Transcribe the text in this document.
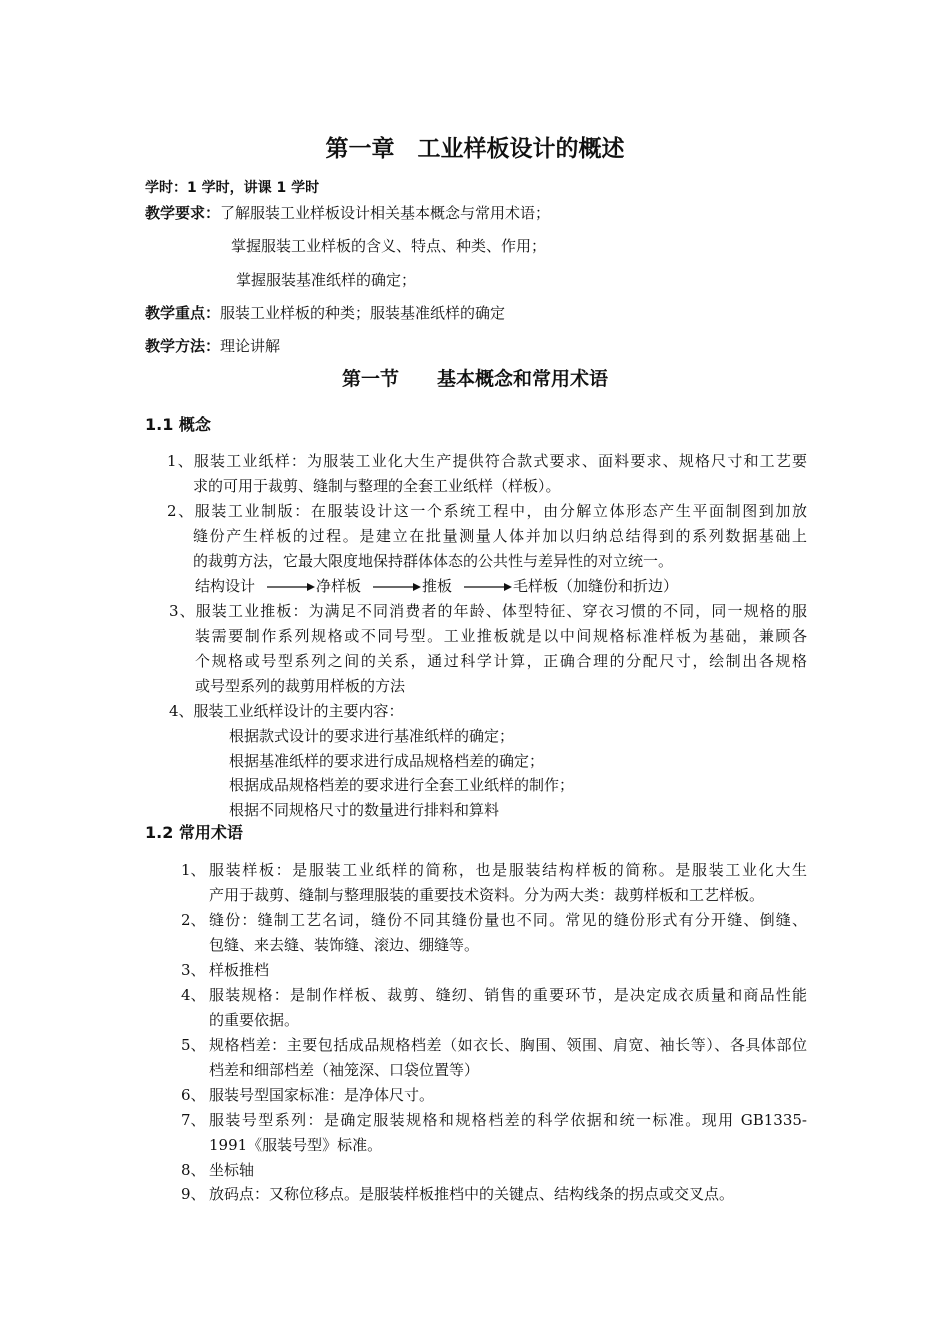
第一章　工业样板设计的概述
学时：1 学时，讲课 1 学时
教学要求：了解服装工业样板设计相关基本概念与常用术语；
掌握服装工业样板的含义、特点、种类、作用；
掌握服装基准纸样的确定；
教学重点：服装工业样板的种类；服装基准纸样的确定
教学方法：理论讲解
第一节　　基本概念和常用术语
1.1 概念
1、服装工业纸样：为服装工业化大生产提供符合款式要求、面料要求、规格尺寸和工艺要
求的可用于裁剪、缝制与整理的全套工业纸样（样板）。
2、服装工业制版：在服装设计这一个系统工程中，由分解立体形态产生平面制图到加放
缝份产生样板的过程。是建立在批量测量人体并加以归纳总结得到的系列数据基础上
的裁剪方法，它最大限度地保持群体体态的公共性与差异性的对立统一。
结构设计	净样板	推板	毛样板（加缝份和折边）
3、服装工业推板：为满足不同消费者的年龄、体型特征、穿衣习惯的不同，同一规格的服
装需要制作系列规格或不同号型。工业推板就是以中间规格标准样板为基础，兼顾各
个规格或号型系列之间的关系，通过科学计算，正确合理的分配尺寸，绘制出各规格
或号型系列的裁剪用样板的方法
4、服装工业纸样设计的主要内容：
根据款式设计的要求进行基准纸样的确定；
根据基准纸样的要求进行成品规格档差的确定；
根据成品规格档差的要求进行全套工业纸样的制作；
根据不同规格尺寸的数量进行排料和算料
1.2 常用术语
1、 服装样板：是服装工业纸样的简称，也是服装结构样板的简称。是服装工业化大生
产用于裁剪、缝制与整理服装的重要技术资料。分为两大类：裁剪样板和工艺样板。
2、 缝份：缝制工艺名词，缝份不同其缝份量也不同。常见的缝份形式有分开缝、倒缝、
包缝、来去缝、装饰缝、滚边、绷缝等。
3、 样板推档
4、 服装规格：是制作样板、裁剪、缝纫、销售的重要环节，是决定成衣质量和商品性能
的重要依据。
5、 规格档差：主要包括成品规格档差（如衣长、胸围、领围、肩宽、袖长等）、各具体部位
档差和细部档差（袖笼深、口袋位置等）
6、 服装号型国家标准：是净体尺寸。
7、 服装号型系列：是确定服装规格和规格档差的科学依据和统一标准。现用 GB1335-
1991《服装号型》标准。
8、 坐标轴
9、 放码点：又称位移点。是服装样板推档中的关键点、结构线条的拐点或交叉点。
